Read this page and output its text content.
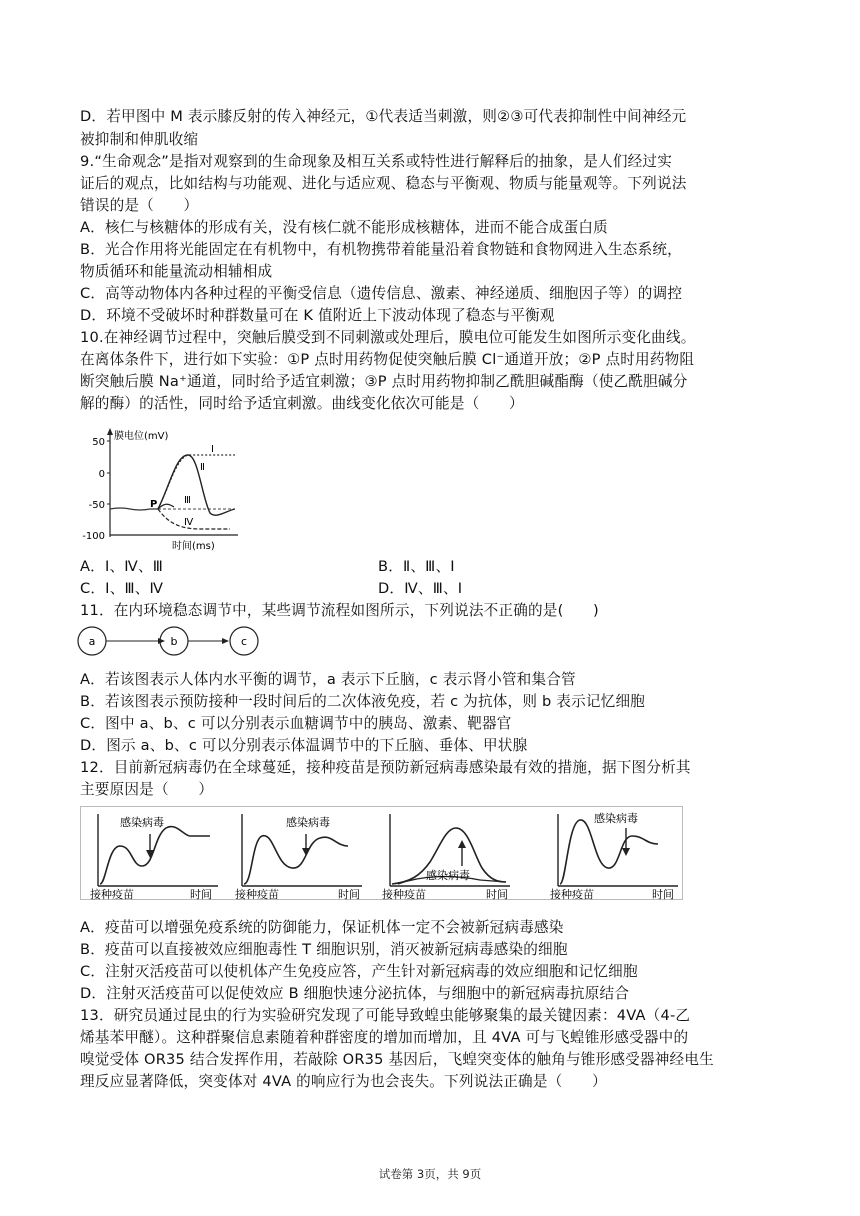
D．若甲图中 M 表示膝反射的传入神经元，①代表适当刺激，则②③可代表抑制性中间神经元
被抑制和伸肌收缩
9.“生命观念”是指对观察到的生命现象及相互关系或特性进行解释后的抽象，是人们经过实
证后的观点，比如结构与功能观、进化与适应观、稳态与平衡观、物质与能量观等。下列说法
错误的是（　　）
A．核仁与核糖体的形成有关，没有核仁就不能形成核糖体，进而不能合成蛋白质
B．光合作用将光能固定在有机物中，有机物携带着能量沿着食物链和食物网进入生态系统，
物质循环和能量流动相辅相成
C．高等动物体内各种过程的平衡受信息（遗传信息、激素、神经递质、细胞因子等）的调控
D．环境不受破坏时种群数量可在 K 值附近上下波动体现了稳态与平衡观
10.在神经调节过程中，突触后膜受到不同刺激或处理后，膜电位可能发生如图所示变化曲线。
在离体条件下，进行如下实验：①P 点时用药物促使突触后膜 Cl⁻通道开放；②P 点时用药物阻
断突触后膜 Na⁺通道，同时给予适宜刺激；③P 点时用药物抑制乙酰胆碱酯酶（使乙酰胆碱分
解的酶）的活性，同时给予适宜刺激。曲线变化依次可能是（　　）
50
0
-50
-100
膜电位(mV)
时间(ms)
P
Ⅰ
Ⅱ
Ⅲ
Ⅳ
A．Ⅰ、Ⅳ、Ⅲ	B．Ⅱ、Ⅲ、Ⅰ
C．Ⅰ、Ⅲ、Ⅳ	D．Ⅳ、Ⅲ、Ⅰ
11．在内环境稳态调节中，某些调节流程如图所示，下列说法不正确的是(　　)
a	b	c
A．若该图表示人体内水平衡的调节，a 表示下丘脑，c 表示肾小管和集合管
B．若该图表示预防接种一段时间后的二次体液免疫，若 c 为抗体，则 b 表示记忆细胞
C．图中 a、b、c 可以分别表示血糖调节中的胰岛、激素、靶器官
D．图示 a、b、c 可以分别表示体温调节中的下丘脑、垂体、甲状腺
12．目前新冠病毒仍在全球蔓延，接种疫苗是预防新冠病毒感染最有效的措施，据下图分析其
主要原因是（　　）
感染病毒
接种疫苗	时间
感染病毒
接种疫苗	时间
感染病毒
接种疫苗	时间
感染病毒
接种疫苗	时间
A．疫苗可以增强免疫系统的防御能力，保证机体一定不会被新冠病毒感染
B．疫苗可以直接被效应细胞毒性 T 细胞识别，消灭被新冠病毒感染的细胞
C．注射灭活疫苗可以使机体产生免疫应答，产生针对新冠病毒的效应细胞和记忆细胞
D．注射灭活疫苗可以促使效应 B 细胞快速分泌抗体，与细胞中的新冠病毒抗原结合
13．研究员通过昆虫的行为实验研究发现了可能导致蝗虫能够聚集的最关键因素：4VA（4-乙
烯基苯甲醚）。这种群聚信息素随着种群密度的增加而增加，且 4VA 可与飞蝗锥形感受器中的
嗅觉受体 OR35 结合发挥作用，若敲除 OR35 基因后，飞蝗突变体的触角与锥形感受器神经电生
理反应显著降低，突变体对 4VA 的响应行为也会丧失。下列说法正确是（　　）
试卷第 3页，共 9页
